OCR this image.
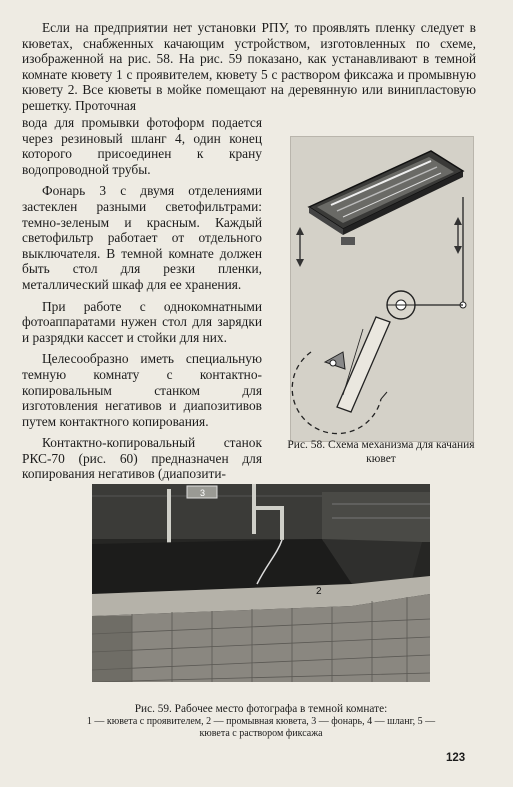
Если на предприятии нет установки РПУ, то проявлять пленку следует в кюветах, снабженных качающим устройством, изготовленных по схеме, изображенной на рис. 58. На рис. 59 показано, как устанавливают в темной комнате кювету 1 с проявителем, кювету 5 с раствором фиксажа и промывную кювету 2. Все кюветы в мойке помещают на деревянную или винипластовую решетку. Проточная

вода для промывки фотоформ подается через резиновый шланг 4, один конец которого присоединен к крану водопроводной трубы.

Фонарь 3 с двумя отделениями застеклен разными светофильтрами: темно-зеленым и красным. Каждый светофильтр работает от отдельного выключателя. В темной комнате должен быть стол для резки пленки, металлический шкаф для ее хранения.

При работе с однокомнатными фотоаппаратами нужен стол для зарядки и разрядки кассет и стойки для них.

Целесообразно иметь специальную темную комнату с контактно-копировальным станком для изготовления негативов и диапозитивов путем контактного копирования.

Контактно-копировальный станок РКС-70 (рис. 60) предназначен для копирования негативов (диапозити-

Рис. 58. Схема механизма для качания кювет
3
2
Рис. 59. Рабочее место фотографа в темной комнате:
1 — кювета с проявителем, 2 — промывная кювета, 3 — фонарь, 4 — шланг, 5 — кювета с раствором фиксажа
123
